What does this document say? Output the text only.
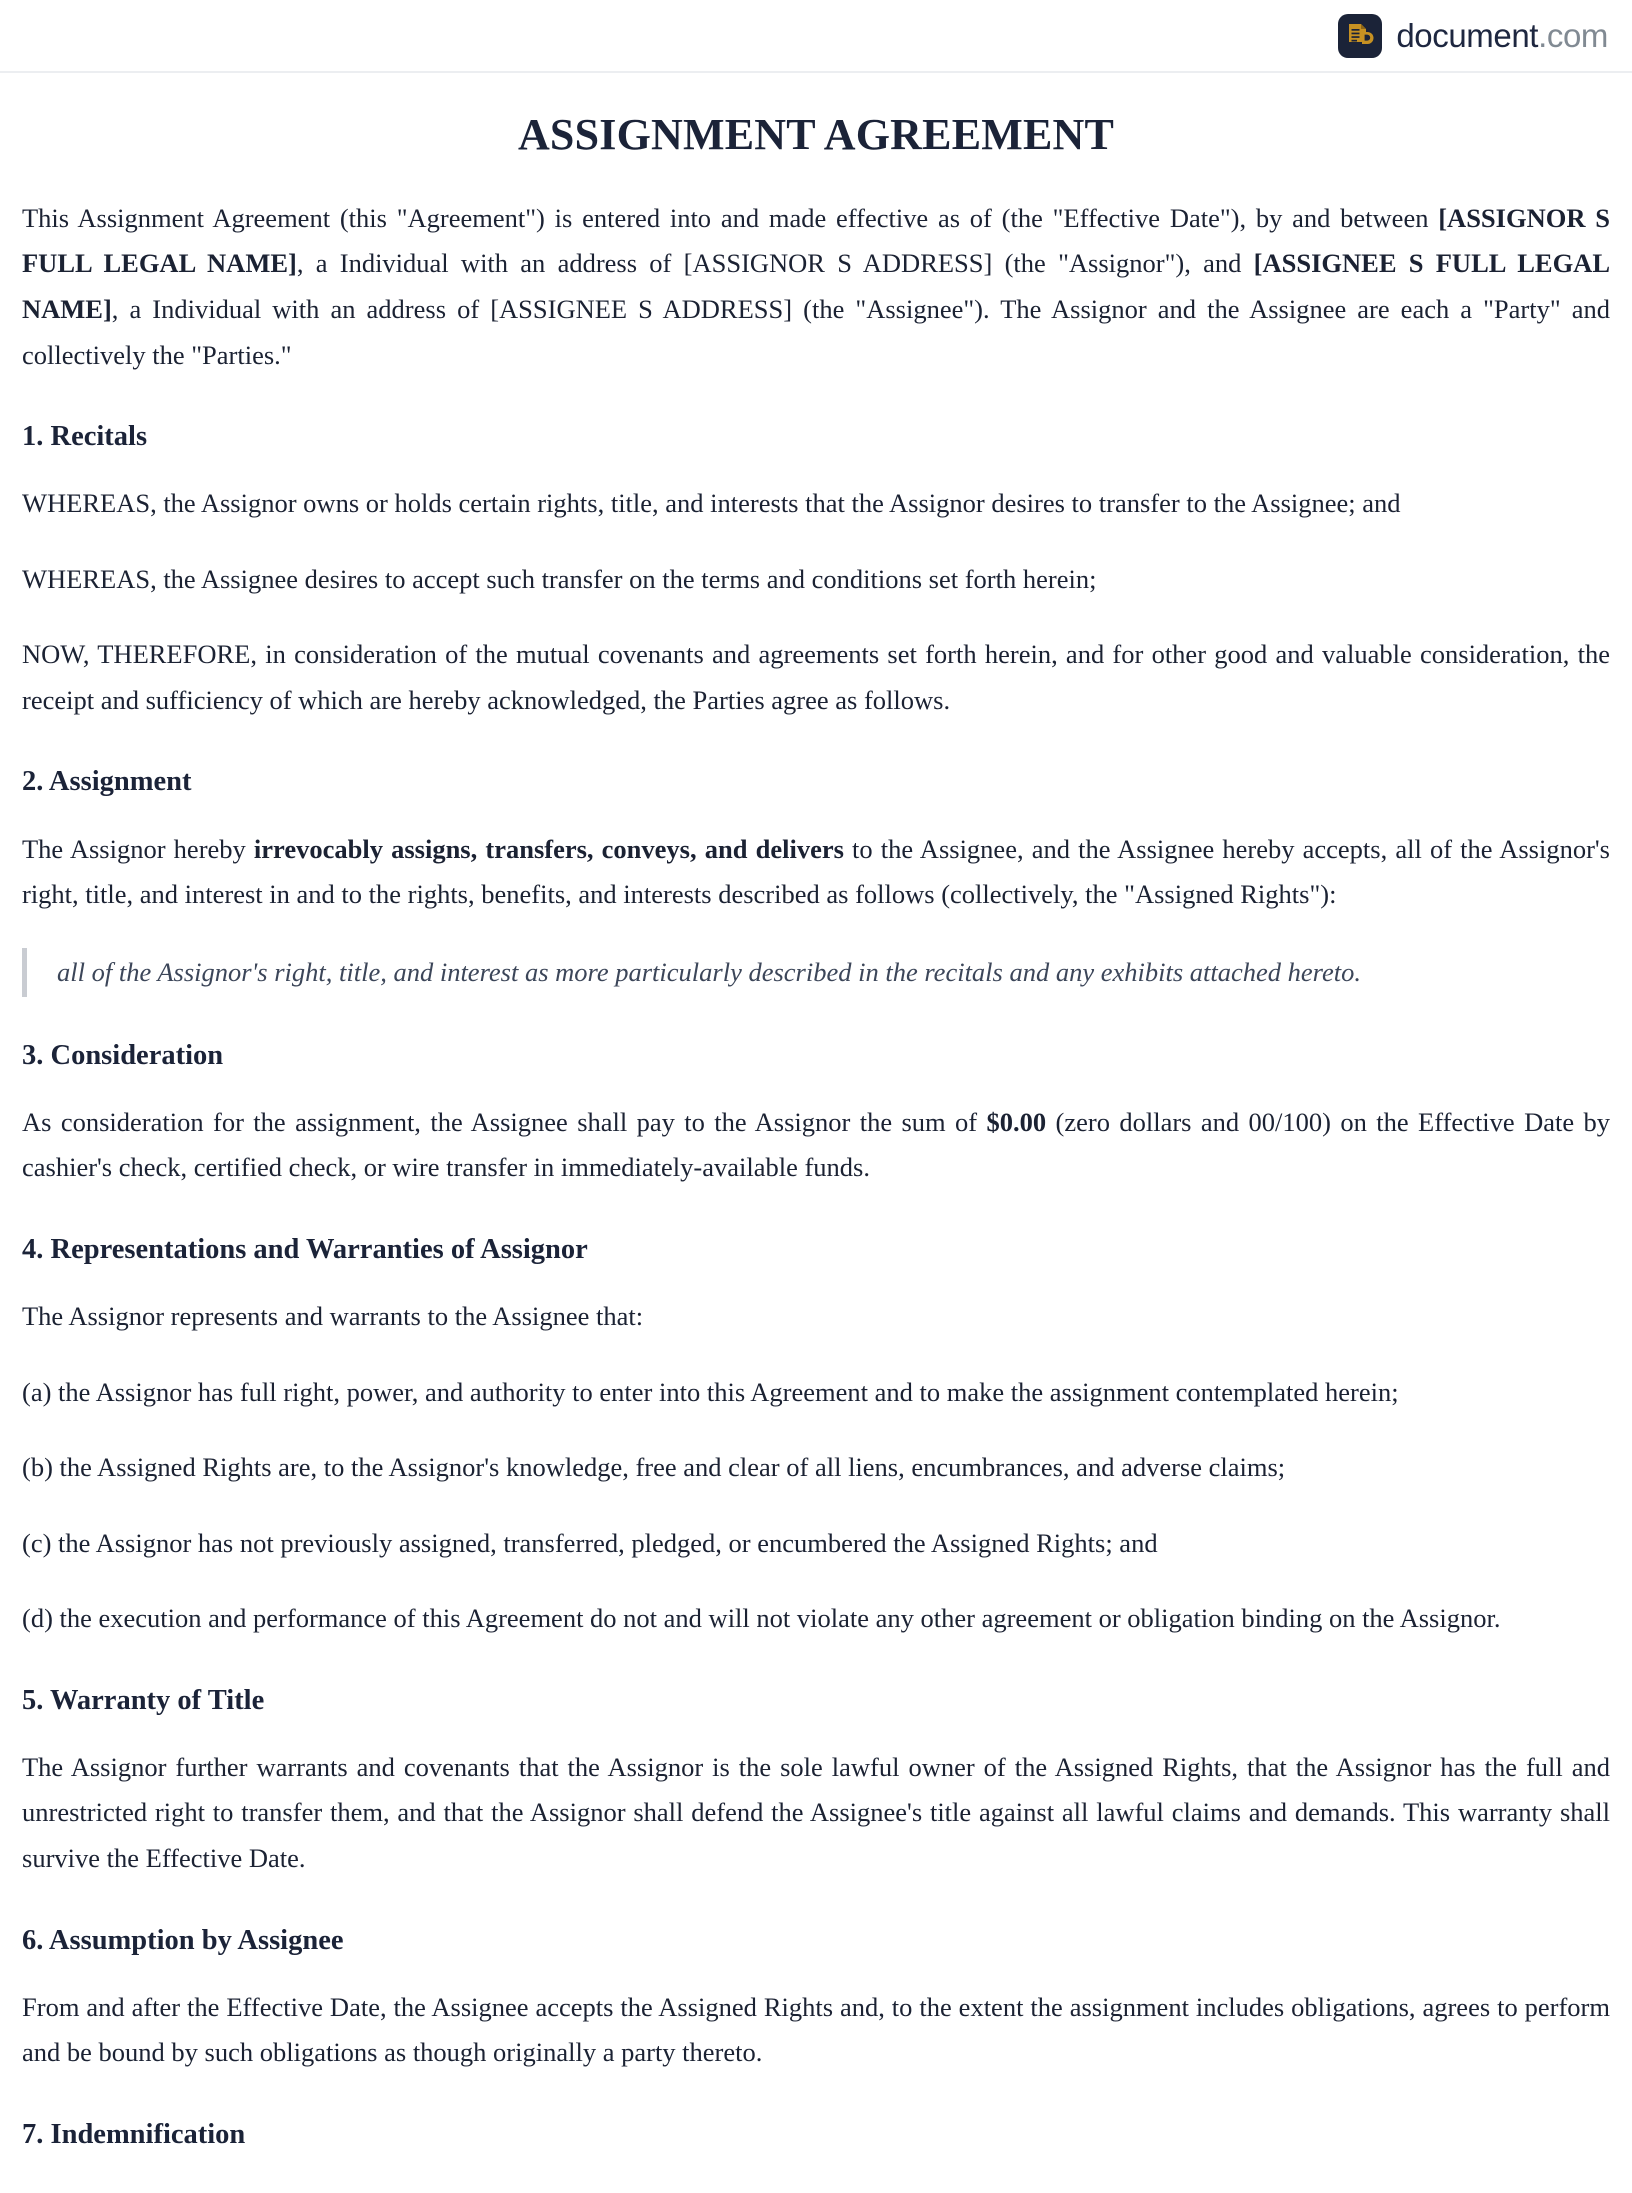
document.com
ASSIGNMENT AGREEMENT

This Assignment Agreement (this "Agreement") is entered into and made effective as of (the "Effective Date"), by and between [ASSIGNOR S FULL LEGAL NAME], a Individual with an address of [ASSIGNOR S ADDRESS] (the "Assignor"), and [ASSIGNEE S FULL LEGAL NAME], a Individual with an address of [ASSIGNEE S ADDRESS] (the "Assignee"). The Assignor and the Assignee are each a "Party" and collectively the "Parties."

1. Recitals

WHEREAS, the Assignor owns or holds certain rights, title, and interests that the Assignor desires to transfer to the Assignee; and

WHEREAS, the Assignee desires to accept such transfer on the terms and conditions set forth herein;

NOW, THEREFORE, in consideration of the mutual covenants and agreements set forth herein, and for other good and valuable consideration, the receipt and sufficiency of which are hereby acknowledged, the Parties agree as follows.

2. Assignment

The Assignor hereby irrevocably assigns, transfers, conveys, and delivers to the Assignee, and the Assignee hereby accepts, all of the Assignor's right, title, and interest in and to the rights, benefits, and interests described as follows (collectively, the "Assigned Rights"):

all of the Assignor's right, title, and interest as more particularly described in the recitals and any exhibits attached hereto.
3. Consideration

As consideration for the assignment, the Assignee shall pay to the Assignor the sum of $0.00 (zero dollars and 00/100) on the Effective Date by cashier's check, certified check, or wire transfer in immediately-available funds.

4. Representations and Warranties of Assignor

The Assignor represents and warrants to the Assignee that:

(a) the Assignor has full right, power, and authority to enter into this Agreement and to make the assignment contemplated herein;

(b) the Assigned Rights are, to the Assignor's knowledge, free and clear of all liens, encumbrances, and adverse claims;

(c) the Assignor has not previously assigned, transferred, pledged, or encumbered the Assigned Rights; and

(d) the execution and performance of this Agreement do not and will not violate any other agreement or obligation binding on the Assignor.

5. Warranty of Title

The Assignor further warrants and covenants that the Assignor is the sole lawful owner of the Assigned Rights, that the Assignor has the full and unrestricted right to transfer them, and that the Assignor shall defend the Assignee's title against all lawful claims and demands. This warranty shall survive the Effective Date.

6. Assumption by Assignee

From and after the Effective Date, the Assignee accepts the Assigned Rights and, to the extent the assignment includes obligations, agrees to perform and be bound by such obligations as though originally a party thereto.

7. Indemnification
